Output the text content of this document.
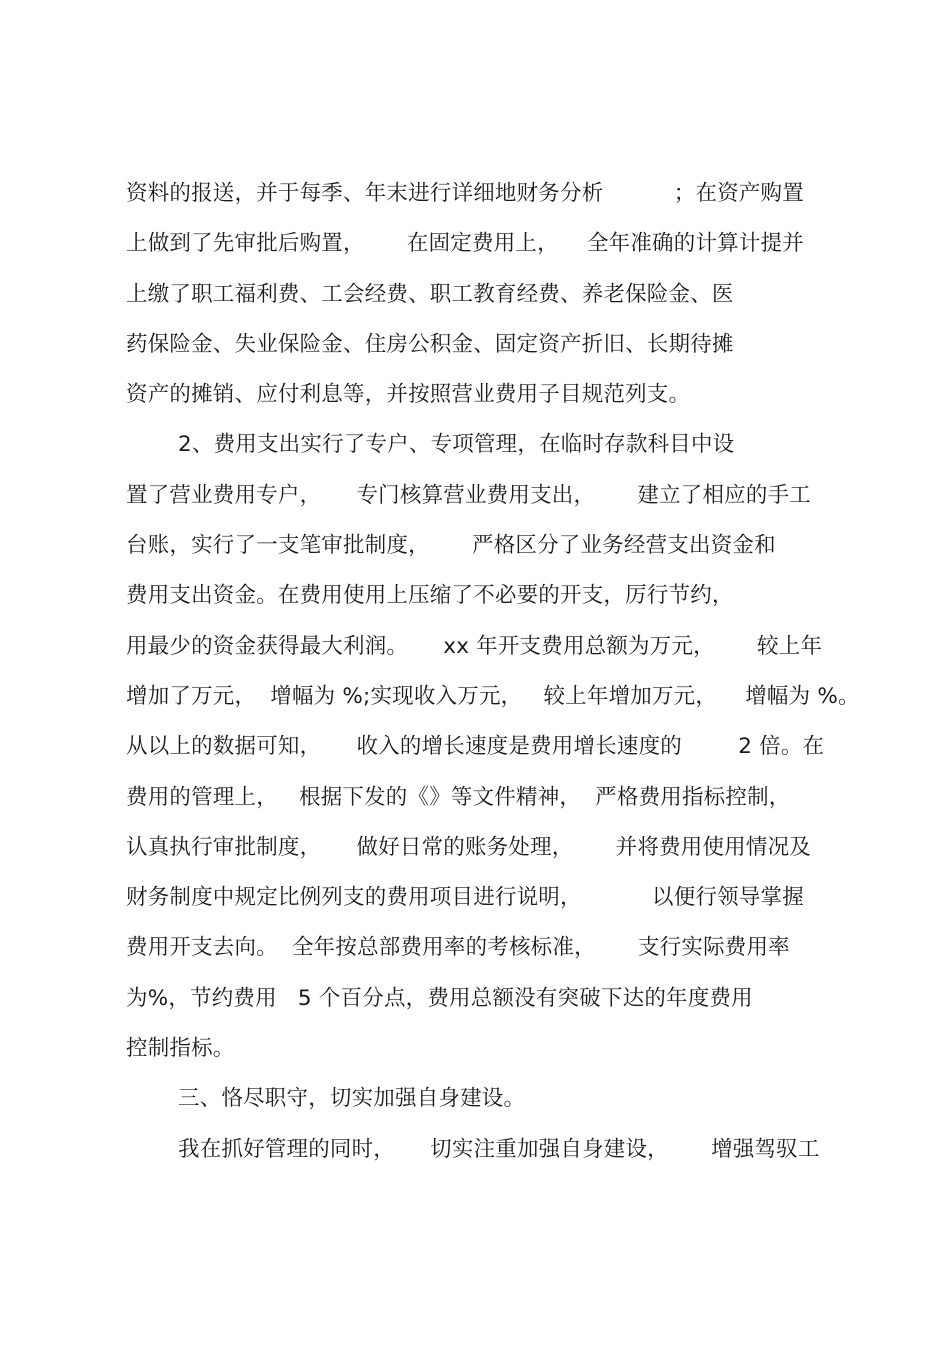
资料的报送，并于每季、年末进行详细地财务分析          ；在资产购置
上做到了先审批后购置，      在固定费用上，    全年准确的计算计提并
上缴了职工福利费、工会经费、职工教育经费、养老保险金、医
药保险金、失业保险金、住房公积金、固定资产折旧、长期待摊
资产的摊销、应付利息等，并按照营业费用子目规范列支。
2、费用支出实行了专户、专项管理，在临时存款科目中设
置了营业费用专户，     专门核算营业费用支出，      建立了相应的手工
台账，实行了一支笔审批制度，      严格区分了业务经营支出资金和
费用支出资金。在费用使用上压缩了不必要的开支，厉行节约，
用最少的资金获得最大利润。     xx 年开支费用总额为万元，      较上年
增加了万元，  增幅为 %;实现收入万元，   较上年增加万元，    增幅为 %。
从以上的数据可知，     收入的增长速度是费用增长速度的        2 倍。在
费用的管理上，   根据下发的《》等文件精神，  严格费用指标控制，
认真执行审批制度，     做好日常的账务处理，      并将费用使用情况及
财务制度中规定比例列支的费用项目进行说明，          以便行领导掌握
费用开支去向。  全年按总部费用率的考核标准，      支行实际费用率
为%，节约费用   5 个百分点，费用总额没有突破下达的年度费用
控制指标。
三、恪尽职守，切实加强自身建设。
我在抓好管理的同时，     切实注重加强自身建设，      增强驾驭工
